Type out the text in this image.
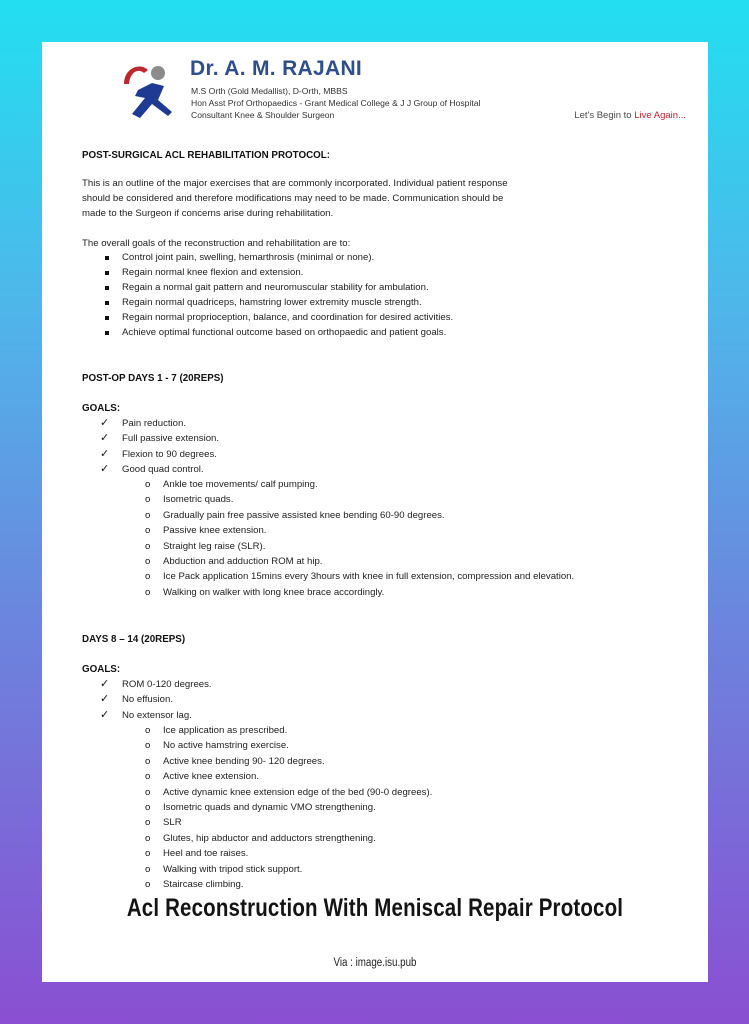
Dr. A. M. RAJANI
M.S Orth (Gold Medallist), D-Orth, MBBS
Hon Asst Prof Orthopaedics - Grant Medical College & J J Group of Hospital
Consultant Knee & Shoulder Surgeon	Let's Begin to Live Again...
POST-SURGICAL ACL REHABILITATION PROTOCOL:
This is an outline of the major exercises that are commonly incorporated. Individual patient response
should be considered and therefore modifications may need to be made. Communication should be
made to the Surgeon if concerns arise during rehabilitation.
The overall goals of the reconstruction and rehabilitation are to:
Control joint pain, swelling, hemarthrosis (minimal or none).
Regain normal knee flexion and extension.
Regain a normal gait pattern and neuromuscular stability for ambulation.
Regain normal quadriceps, hamstring lower extremity muscle strength.
Regain normal proprioception, balance, and coordination for desired activities.
Achieve optimal functional outcome based on orthopaedic and patient goals.
POST-OP DAYS 1 - 7 (20REPS)
GOALS:
✓ Pain reduction.
✓ Full passive extension.
✓ Flexion to 90 degrees.
✓ Good quad control.
o Ankle toe movements/ calf pumping.
o Isometric quads.
o Gradually pain free passive assisted knee bending 60-90 degrees.
o Passive knee extension.
o Straight leg raise (SLR).
o Abduction and adduction ROM at hip.
o Ice Pack application 15mins every 3hours with knee in full extension, compression and elevation.
o Walking on walker with long knee brace accordingly.
DAYS 8 – 14 (20REPS)
GOALS:
✓ ROM 0-120 degrees.
✓ No effusion.
✓ No extensor lag.
o Ice application as prescribed.
o No active hamstring exercise.
o Active knee bending 90- 120 degrees.
o Active knee extension.
o Active dynamic knee extension edge of the bed (90-0 degrees).
o Isometric quads and dynamic VMO strengthening.
o SLR
o Glutes, hip abductor and adductors strengthening.
o Heel and toe raises.
o Walking with tripod stick support.
o Staircase climbing.
Acl Reconstruction With Meniscal Repair Protocol
Via : image.isu.pub
